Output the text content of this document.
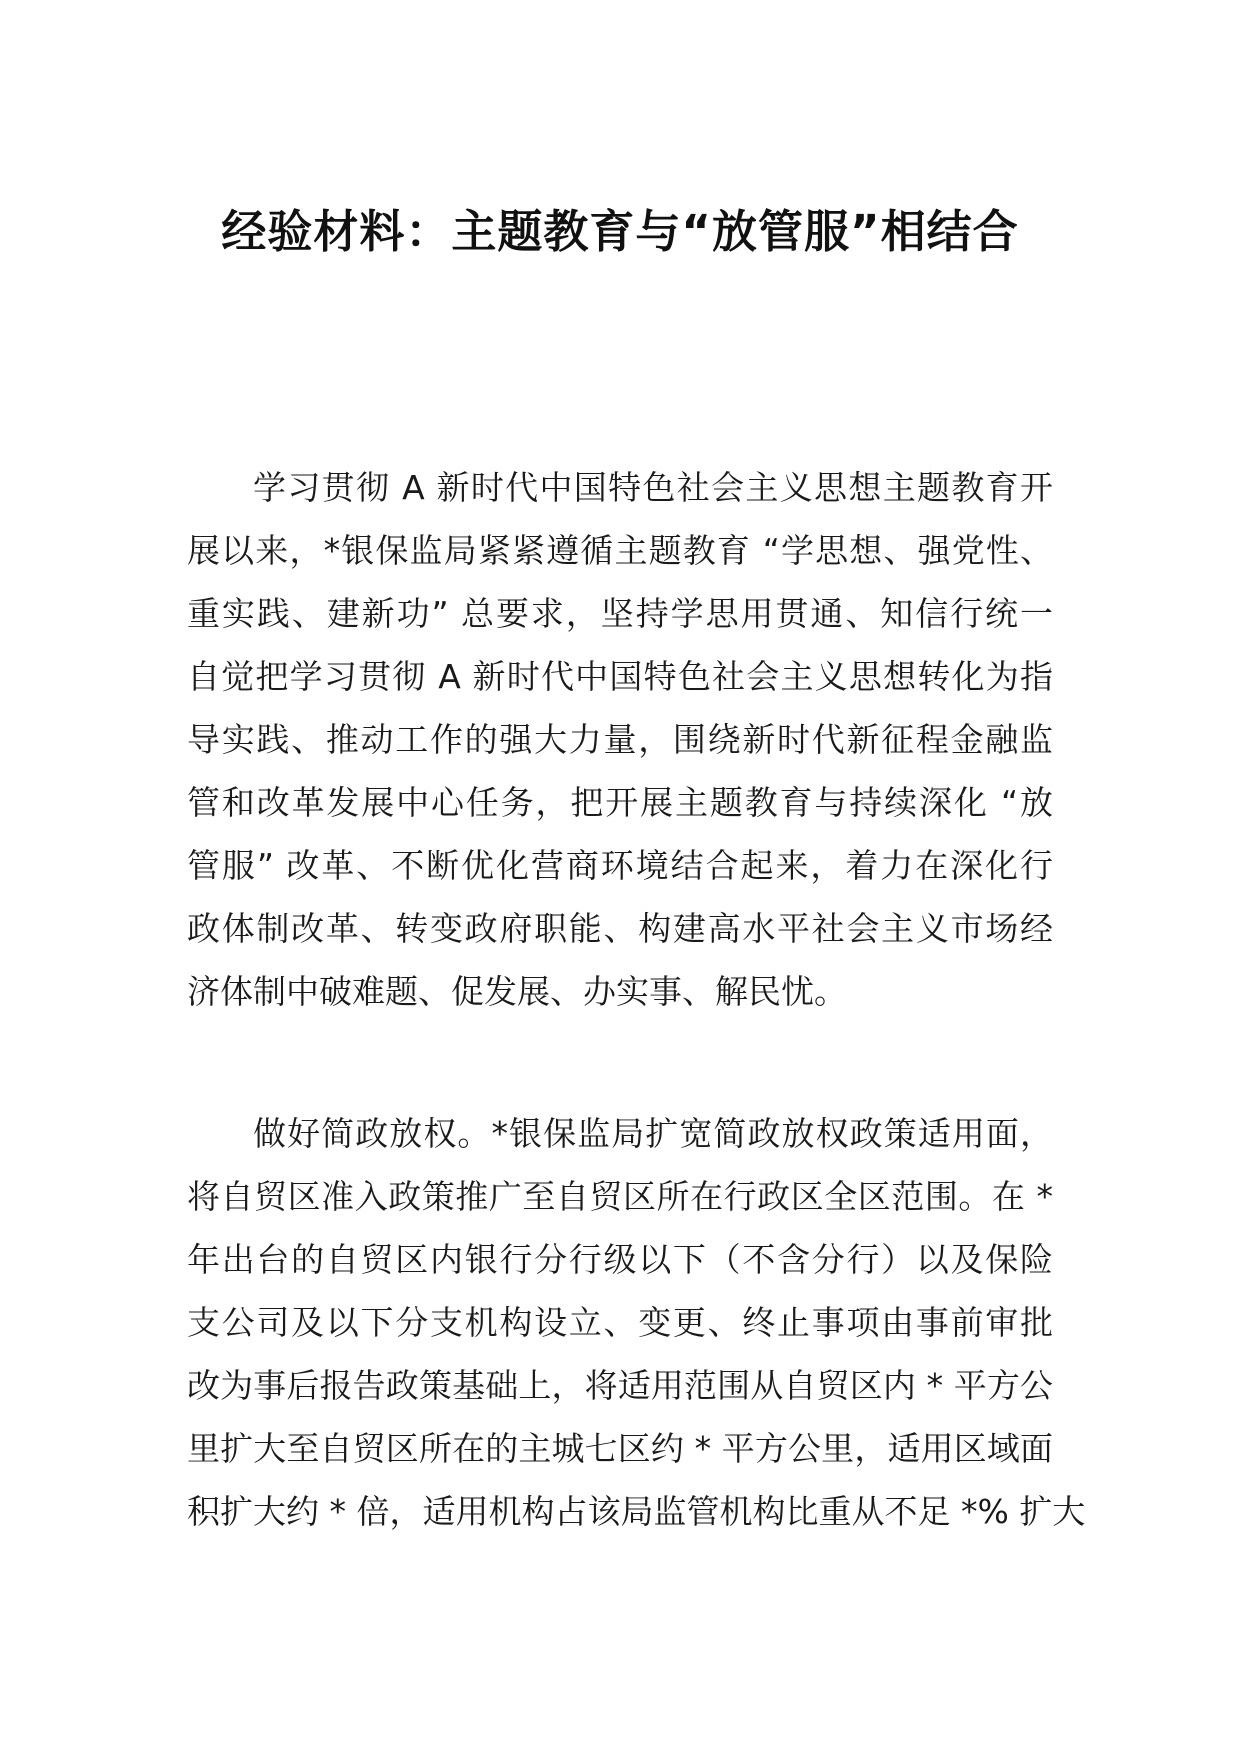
经验材料：主题教育与“放管服”相结合
学习贯彻 A 新时代中国特色社会主义思想主题教育开
展以来，*银保监局紧紧遵循主题教育 “学思想、强党性、
重实践、建新功” 总要求，坚持学思用贯通、知信行统一
自觉把学习贯彻 A 新时代中国特色社会主义思想转化为指
导实践、推动工作的强大力量，围绕新时代新征程金融监
管和改革发展中心任务，把开展主题教育与持续深化 “放
管服” 改革、不断优化营商环境结合起来，着力在深化行
政体制改革、转变政府职能、构建高水平社会主义市场经
济体制中破难题、促发展、办实事、解民忧。
做好简政放权。*银保监局扩宽简政放权政策适用面，
将自贸区准入政策推广至自贸区所在行政区全区范围。在 *
年出台的自贸区内银行分行级以下（不含分行）以及保险
支公司及以下分支机构设立、变更、终止事项由事前审批
改为事后报告政策基础上，将适用范围从自贸区内 * 平方公
里扩大至自贸区所在的主城七区约 * 平方公里，适用区域面
积扩大约 * 倍，适用机构占该局监管机构比重从不足 *% 扩大
